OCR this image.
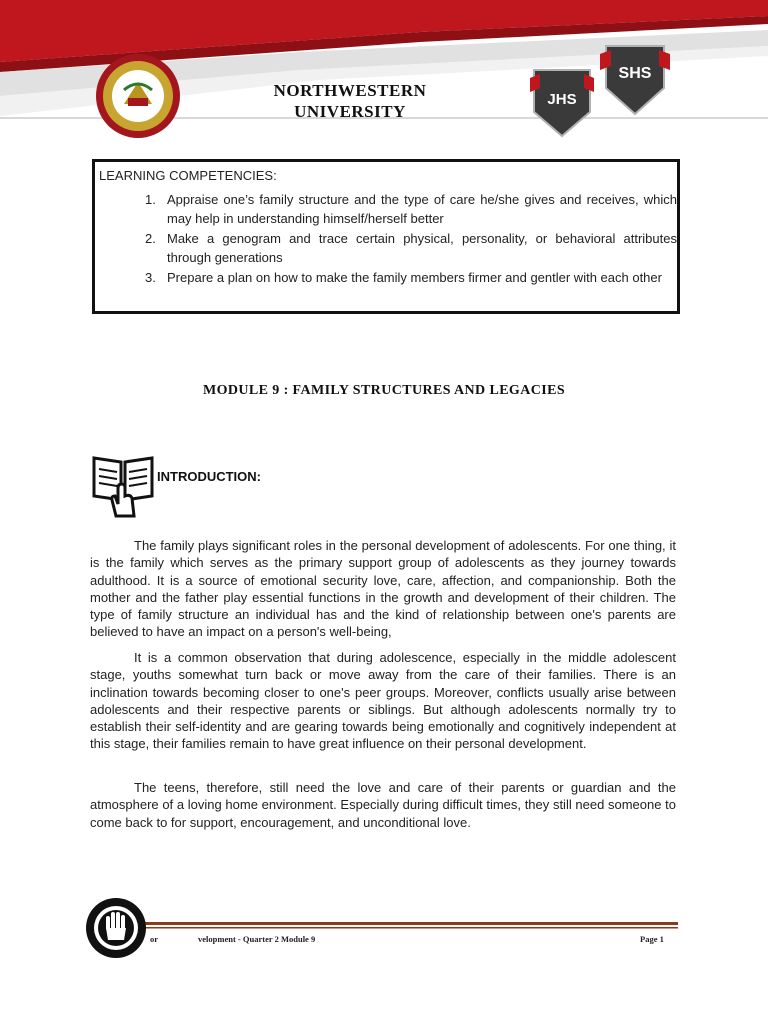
NORTHWESTERN
UNIVERSITY
JHS
SHS
LEARNING COMPETENCIES:
1. Appraise one’s family structure and the type of care he/she gives and receives, which may help in understanding himself/herself better
2. Make a genogram and trace certain physical, personality, or behavioral attributes through generations
3. Prepare a plan on how to make the family members firmer and gentler with each other
MODULE 9 : FAMILY STRUCTURES AND LEGACIES
INTRODUCTION:

The family plays significant roles in the personal development of adolescents. For one thing, it is the family which serves as the primary support group of adolescents as they journey towards adulthood. It is a source of emotional security love, care, affection, and companionship. Both the mother and the father play essential functions in the growth and development of their children. The type of family structure an individual has and the kind of relationship between one's parents are believed to have an impact on a person's well-being,

It is a common observation that during adolescence, especially in the middle adolescent stage, youths somewhat turn back or move away from the care of their families. There is an inclination towards becoming closer to one's peer groups. Moreover, conflicts usually arise between adolescents and their respective parents or siblings. But although adolescents normally try to establish their self-identity and are gearing towards being emotionally and cognitively independent at this stage, their families remain to have great influence on their personal development.

The teens, therefore, still need the love and care of their parents or guardian and the atmosphere of a loving home environment. Especially during difficult times, they still need someone to come back to for support, encouragement, and unconditional love.

or	velopment - Quarter 2 Module 9	Page 1
